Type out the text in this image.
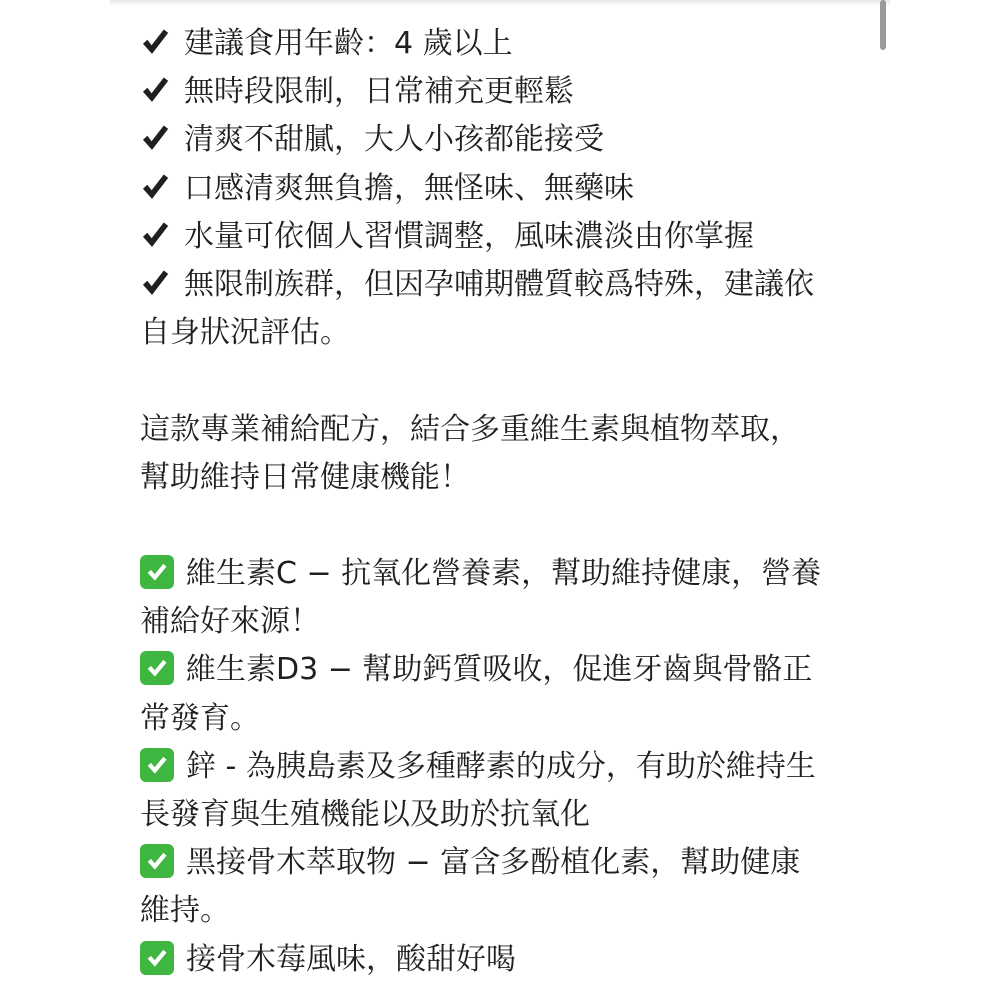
建議食用年齡：4 歲以上
無時段限制，日常補充更輕鬆
清爽不甜膩，大人小孩都能接受
口感清爽無負擔，無怪味、無藥味
水量可依個人習慣調整，風味濃淡由你掌握
無限制族群，但因孕哺期體質較爲特殊，建議依
自身狀況評估。
這款專業補給配方，結合多重維生素與植物萃取，
幫助維持日常健康機能！
維生素C − 抗氧化營養素，幫助維持健康，營養
補給好來源！
維生素D3 − 幫助鈣質吸收，促進牙齒與骨骼正
常發育。
鋅 - 為胰島素及多種酵素的成分，有助於維持生
長發育與生殖機能以及助於抗氧化
黑接骨木萃取物 − 富含多酚植化素，幫助健康
維持。
接骨木莓風味，酸甜好喝
